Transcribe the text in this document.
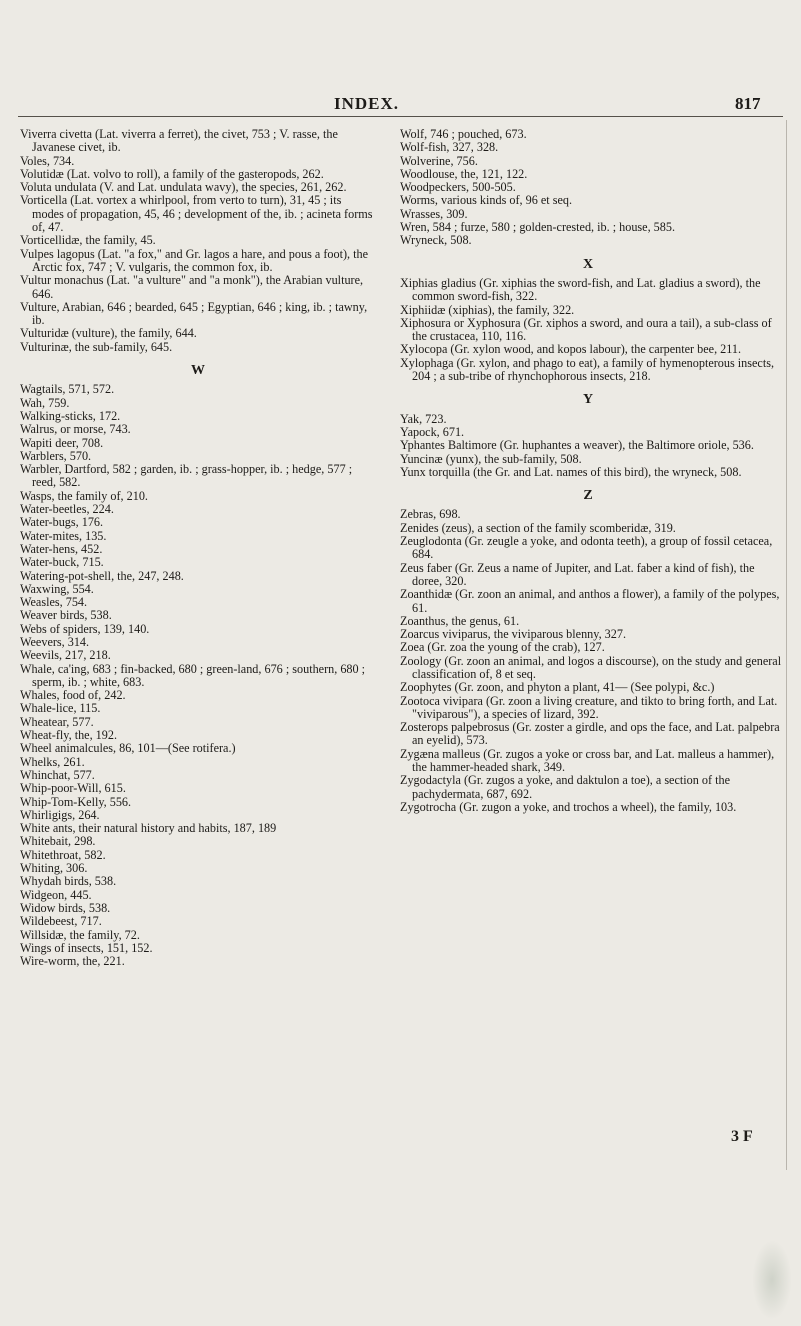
INDEX.	817

Viverra civetta (Lat. viverra a ferret), the civet, 753 ; V. rasse, the Javanese civet, ib.

Voles, 734.

Volutidæ (Lat. volvo to roll), a family of the gasteropods, 262.

Voluta undulata (V. and Lat. undulata wavy), the species, 261, 262.

Vorticella (Lat. vortex a whirlpool, from verto to turn), 31, 45 ; its modes of propagation, 45, 46 ; development of the, ib. ; acineta forms of, 47.

Vorticellidæ, the family, 45.

Vulpes lagopus (Lat. "a fox," and Gr. lagos a hare, and pous a foot), the Arctic fox, 747 ; V. vulgaris, the common fox, ib.

Vultur monachus (Lat. "a vulture" and "a monk"), the Arabian vulture, 646.

Vulture, Arabian, 646 ; bearded, 645 ; Egyptian, 646 ; king, ib. ; tawny, ib.

Vulturidæ (vulture), the family, 644.

Vulturinæ, the sub-family, 645.

W

Wagtails, 571, 572.

Wah, 759.

Walking-sticks, 172.

Walrus, or morse, 743.

Wapiti deer, 708.

Warblers, 570.

Warbler, Dartford, 582 ; garden, ib. ; grass-hopper, ib. ; hedge, 577 ; reed, 582.

Wasps, the family of, 210.

Water-beetles, 224.

Water-bugs, 176.

Water-mites, 135.

Water-hens, 452.

Water-buck, 715.

Watering-pot-shell, the, 247, 248.

Waxwing, 554.

Weasles, 754.

Weaver birds, 538.

Webs of spiders, 139, 140.

Weevers, 314.

Weevils, 217, 218.

Whale, ca'ing, 683 ; fin-backed, 680 ; green-land, 676 ; southern, 680 ; sperm, ib. ; white, 683.

Whales, food of, 242.

Whale-lice, 115.

Wheatear, 577.

Wheat-fly, the, 192.

Wheel animalcules, 86, 101—(See rotifera.)

Whelks, 261.

Whinchat, 577.

Whip-poor-Will, 615.

Whip-Tom-Kelly, 556.

Whirligigs, 264.

White ants, their natural history and habits, 187, 189

Whitebait, 298.

Whitethroat, 582.

Whiting, 306.

Whydah birds, 538.

Widgeon, 445.

Widow birds, 538.

Wildebeest, 717.

Willsidæ, the family, 72.

Wings of insects, 151, 152.

Wire-worm, the, 221.

Wolf, 746 ; pouched, 673.

Wolf-fish, 327, 328.

Wolverine, 756.

Woodlouse, the, 121, 122.

Woodpeckers, 500-505.

Worms, various kinds of, 96 et seq.

Wrasses, 309.

Wren, 584 ; furze, 580 ; golden-crested, ib. ; house, 585.

Wryneck, 508.

X

Xiphias gladius (Gr. xiphias the sword-fish, and Lat. gladius a sword), the common sword-fish, 322.

Xiphiidæ (xiphias), the family, 322.

Xiphosura or Xyphosura (Gr. xiphos a sword, and oura a tail), a sub-class of the crustacea, 110, 116.

Xylocopa (Gr. xylon wood, and kopos labour), the carpenter bee, 211.

Xylophaga (Gr. xylon, and phago to eat), a family of hymenopterous insects, 204 ; a sub-tribe of rhynchophorous insects, 218.

Y

Yak, 723.

Yapock, 671.

Yphantes Baltimore (Gr. huphantes a weaver), the Baltimore oriole, 536.

Yuncinæ (yunx), the sub-family, 508.

Yunx torquilla (the Gr. and Lat. names of this bird), the wryneck, 508.

Z

Zebras, 698.

Zenides (zeus), a section of the family scomberidæ, 319.

Zeuglodonta (Gr. zeugle a yoke, and odonta teeth), a group of fossil cetacea, 684.

Zeus faber (Gr. Zeus a name of Jupiter, and Lat. faber a kind of fish), the doree, 320.

Zoanthidæ (Gr. zoon an animal, and anthos a flower), a family of the polypes, 61.

Zoanthus, the genus, 61.

Zoarcus viviparus, the viviparous blenny, 327.

Zoea (Gr. zoa the young of the crab), 127.

Zoology (Gr. zoon an animal, and logos a discourse), on the study and general classification of, 8 et seq.

Zoophytes (Gr. zoon, and phyton a plant, 41— (See polypi, &c.)

Zootoca vivipara (Gr. zoon a living creature, and tikto to bring forth, and Lat. "viviparous"), a species of lizard, 392.

Zosterops palpebrosus (Gr. zoster a girdle, and ops the face, and Lat. palpebra an eyelid), 573.

Zygæna malleus (Gr. zugos a yoke or cross bar, and Lat. malleus a hammer), the hammer-headed shark, 349.

Zygodactyla (Gr. zugos a yoke, and daktulon a toe), a section of the pachydermata, 687, 692.

Zygotrocha (Gr. zugon a yoke, and trochos a wheel), the family, 103.

3 F
